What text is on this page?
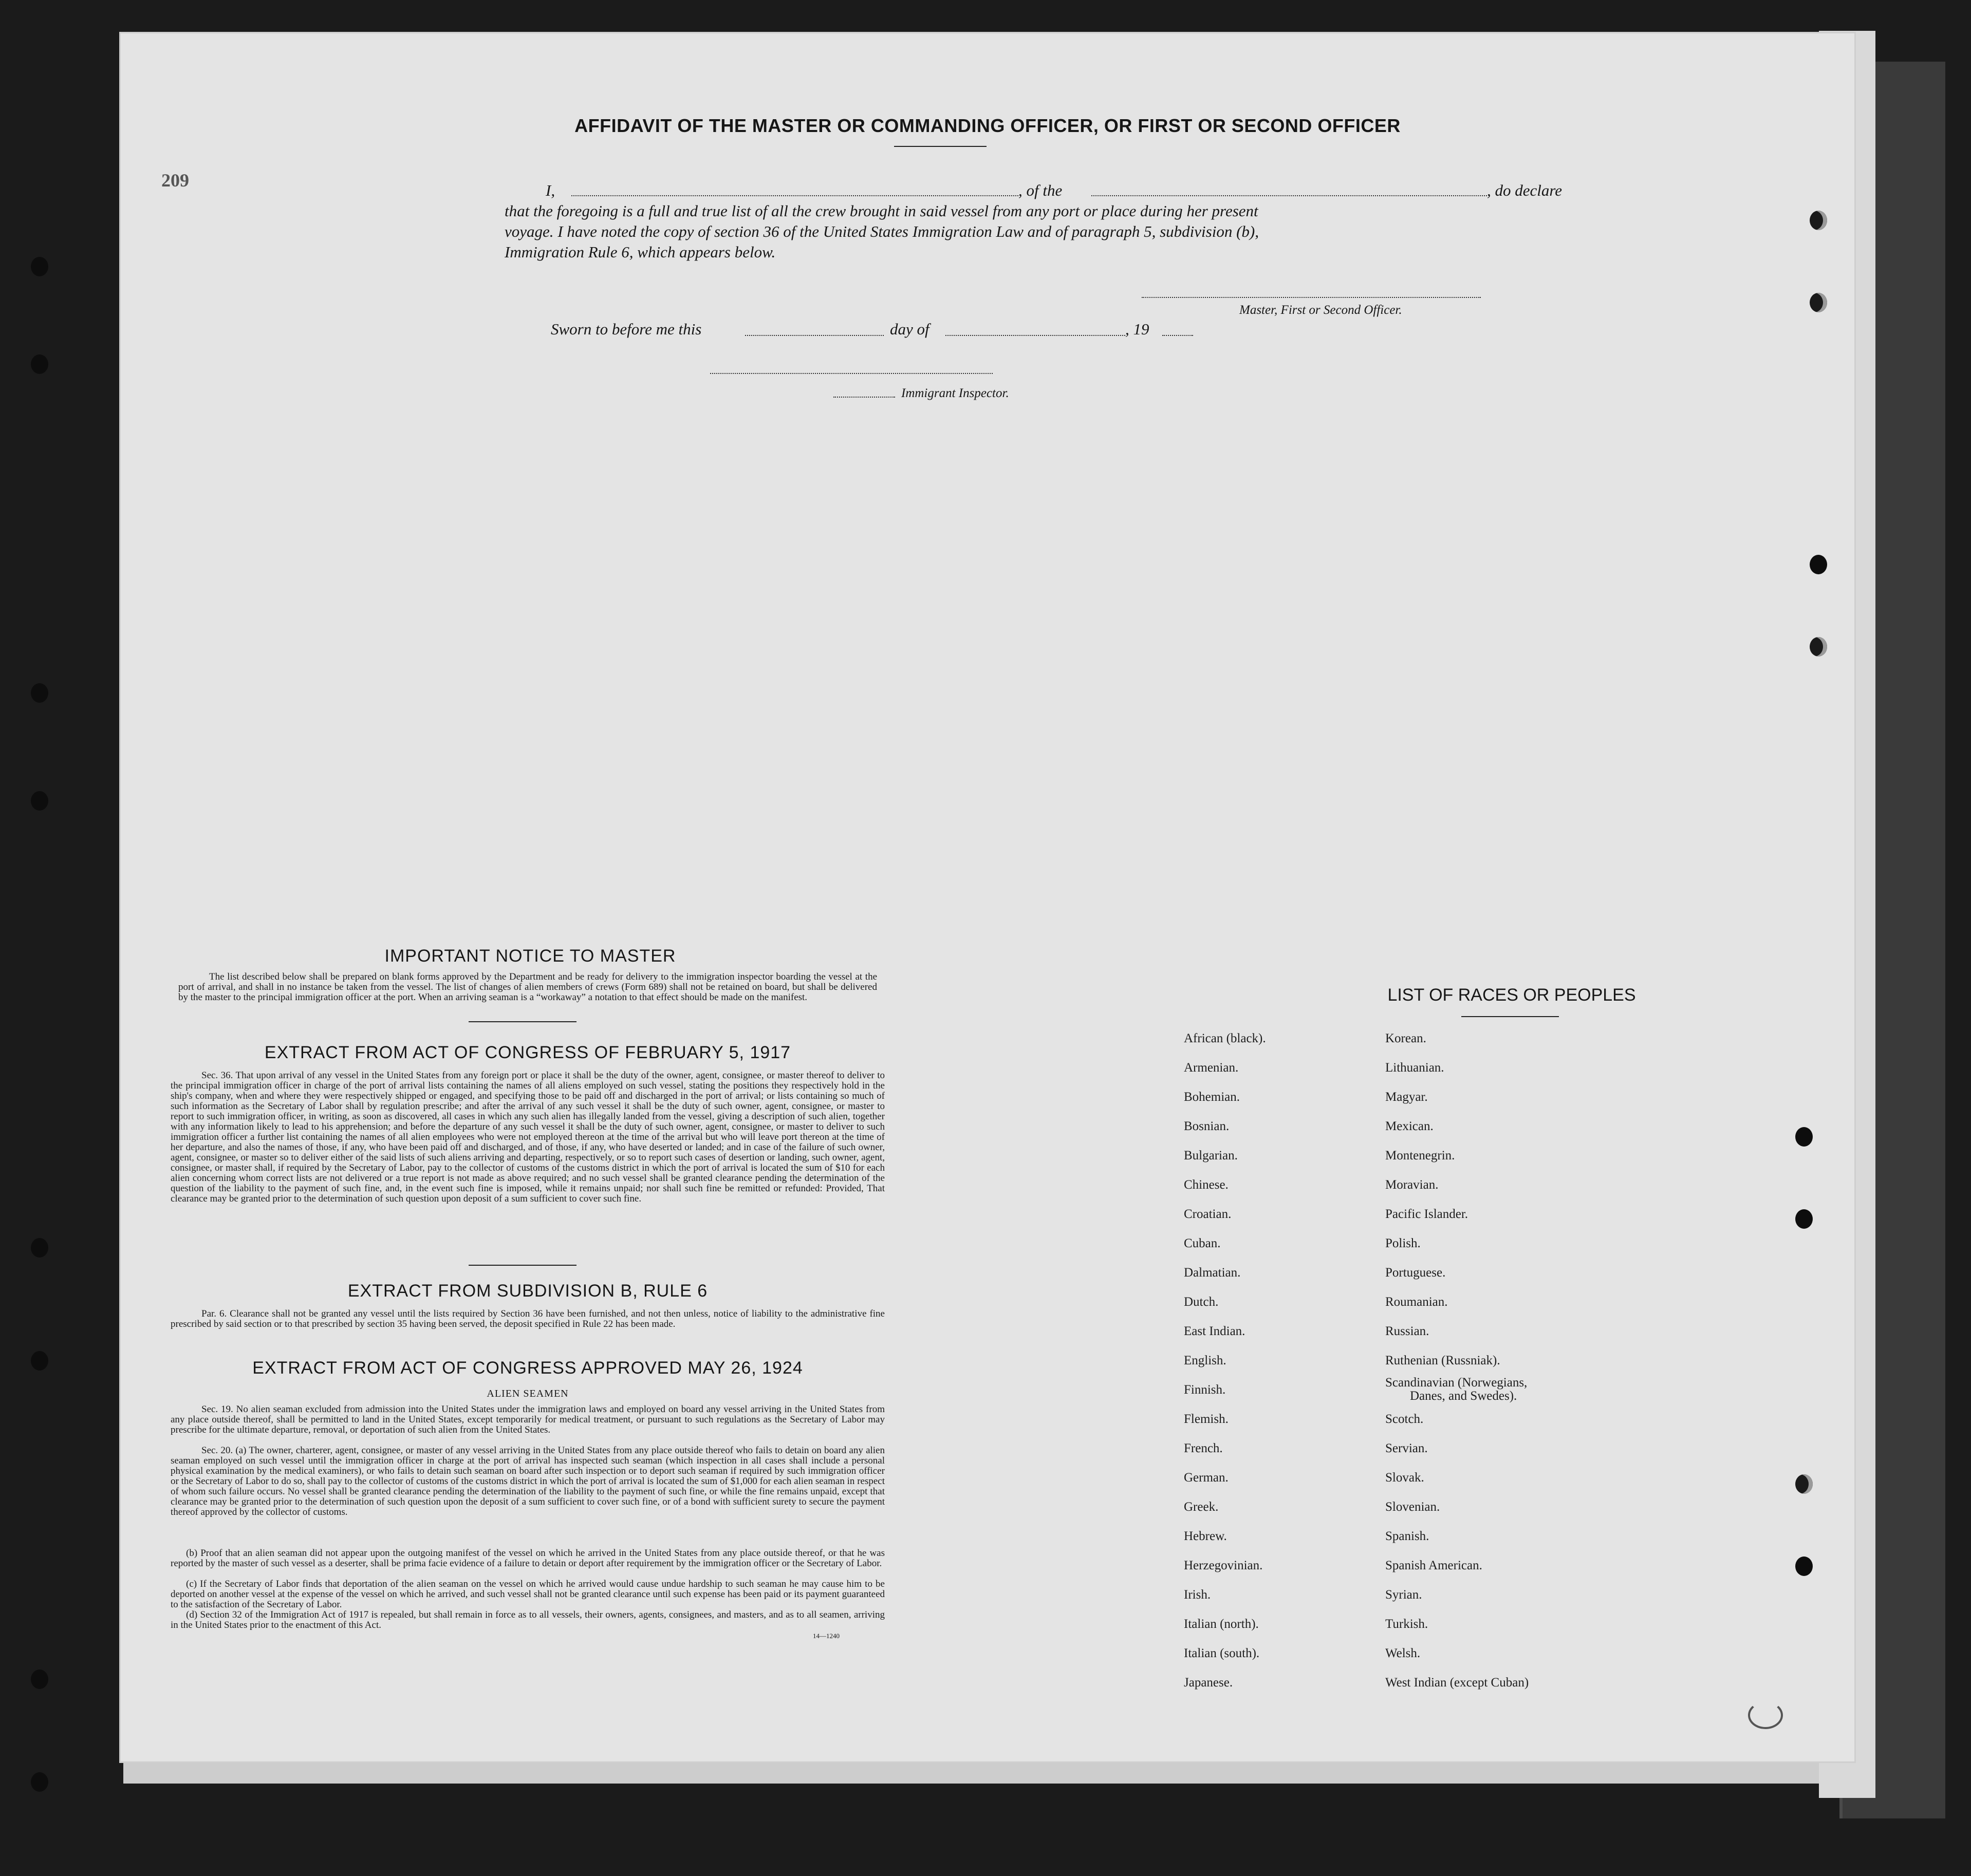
209
AFFIDAVIT OF THE MASTER OR COMMANDING OFFICER, OR FIRST OR SECOND OFFICER
I,	, of the	, do declare
that the foregoing is a full and true list of all the crew brought in said vessel from any port or place during her present
voyage. I have noted the copy of section 36 of the United States Immigration Law and of paragraph 5, subdivision (b),
Immigration Rule 6, which appears below.
Master, First or Second Officer.
Sworn to before me this	day of	, 19
Immigrant Inspector.
IMPORTANT NOTICE TO MASTER
The list described below shall be prepared on blank forms approved by the Department and be ready for delivery to the immigration inspector boarding the vessel at the port of arrival, and shall in no instance be taken from the vessel. The list of changes of alien members of crews (Form 689) shall not be retained on board, but shall be delivered by the master to the principal immigration officer at the port. When an arriving seaman is a “workaway” a notation to that effect should be made on the manifest.
EXTRACT FROM ACT OF CONGRESS OF FEBRUARY 5, 1917
Sec. 36. That upon arrival of any vessel in the United States from any foreign port or place it shall be the duty of the owner, agent, consignee, or master thereof to deliver to the principal immigration officer in charge of the port of arrival lists containing the names of all aliens employed on such vessel, stating the positions they respectively hold in the ship's company, when and where they were respectively shipped or engaged, and specifying those to be paid off and discharged in the port of arrival; or lists containing so much of such information as the Secretary of Labor shall by regulation prescribe; and after the arrival of any such vessel it shall be the duty of such owner, agent, consignee, or master to report to such immigration officer, in writing, as soon as discovered, all cases in which any such alien has illegally landed from the vessel, giving a description of such alien, together with any information likely to lead to his apprehension; and before the departure of any such vessel it shall be the duty of such owner, agent, consignee, or master to deliver to such immigration officer a further list containing the names of all alien employees who were not employed thereon at the time of the arrival but who will leave port thereon at the time of her departure, and also the names of those, if any, who have been paid off and discharged, and of those, if any, who have deserted or landed; and in case of the failure of such owner, agent, consignee, or master so to deliver either of the said lists of such aliens arriving and departing, respectively, or so to report such cases of desertion or landing, such owner, agent, consignee, or master shall, if required by the Secretary of Labor, pay to the collector of customs of the customs district in which the port of arrival is located the sum of $10 for each alien concerning whom correct lists are not delivered or a true report is not made as above required; and no such vessel shall be granted clearance pending the determination of the question of the liability to the payment of such fine, and, in the event such fine is imposed, while it remains unpaid; nor shall such fine be remitted or refunded: Provided, That clearance may be granted prior to the determination of such question upon deposit of a sum sufficient to cover such fine.
EXTRACT FROM SUBDIVISION B, RULE 6
Par. 6. Clearance shall not be granted any vessel until the lists required by Section 36 have been furnished, and not then unless, notice of liability to the administrative fine prescribed by said section or to that prescribed by section 35 having been served, the deposit specified in Rule 22 has been made.
EXTRACT FROM ACT OF CONGRESS APPROVED MAY 26, 1924
ALIEN SEAMEN
Sec. 19. No alien seaman excluded from admission into the United States under the immigration laws and employed on board any vessel arriving in the United States from any place outside thereof, shall be permitted to land in the United States, except temporarily for medical treatment, or pursuant to such regulations as the Secretary of Labor may prescribe for the ultimate departure, removal, or deportation of such alien from the United States.
Sec. 20. (a) The owner, charterer, agent, consignee, or master of any vessel arriving in the United States from any place outside thereof who fails to detain on board any alien seaman employed on such vessel until the immigration officer in charge at the port of arrival has inspected such seaman (which inspection in all cases shall include a personal physical examination by the medical examiners), or who fails to detain such seaman on board after such inspection or to deport such seaman if required by such immigration officer or the Secretary of Labor to do so, shall pay to the collector of customs of the customs district in which the port of arrival is located the sum of $1,000 for each alien seaman in respect of whom such failure occurs. No vessel shall be granted clearance pending the determination of the liability to the payment of such fine, or while the fine remains unpaid, except that clearance may be granted prior to the determination of such question upon the deposit of a sum sufficient to cover such fine, or of a bond with sufficient surety to secure the payment thereof approved by the collector of customs.
(b) Proof that an alien seaman did not appear upon the outgoing manifest of the vessel on which he arrived in the United States from any place outside thereof, or that he was reported by the master of such vessel as a deserter, shall be prima facie evidence of a failure to detain or deport after requirement by the immigration officer or the Secretary of Labor.
(c) If the Secretary of Labor finds that deportation of the alien seaman on the vessel on which he arrived would cause undue hardship to such seaman he may cause him to be deported on another vessel at the expense of the vessel on which he arrived, and such vessel shall not be granted clearance until such expense has been paid or its payment guaranteed to the satisfaction of the Secretary of Labor.
(d) Section 32 of the Immigration Act of 1917 is repealed, but shall remain in force as to all vessels, their owners, agents, consignees, and masters, and as to all seamen, arriving in the United States prior to the enactment of this Act.
14—1240
LIST OF RACES OR PEOPLES
African (black).
Armenian.
Bohemian.
Bosnian.
Bulgarian.
Chinese.
Croatian.
Cuban.
Dalmatian.
Dutch.
East Indian.
English.
Finnish.
Flemish.
French.
German.
Greek.
Hebrew.
Herzegovinian.
Irish.
Italian (north).
Italian (south).
Japanese.
Korean.
Lithuanian.
Magyar.
Mexican.
Montenegrin.
Moravian.
Pacific Islander.
Polish.
Portuguese.
Roumanian.
Russian.
Ruthenian (Russniak).
Scandinavian (Norwegians,
Danes, and Swedes).
Scotch.
Servian.
Slovak.
Slovenian.
Spanish.
Spanish American.
Syrian.
Turkish.
Welsh.
West Indian (except Cuban)
